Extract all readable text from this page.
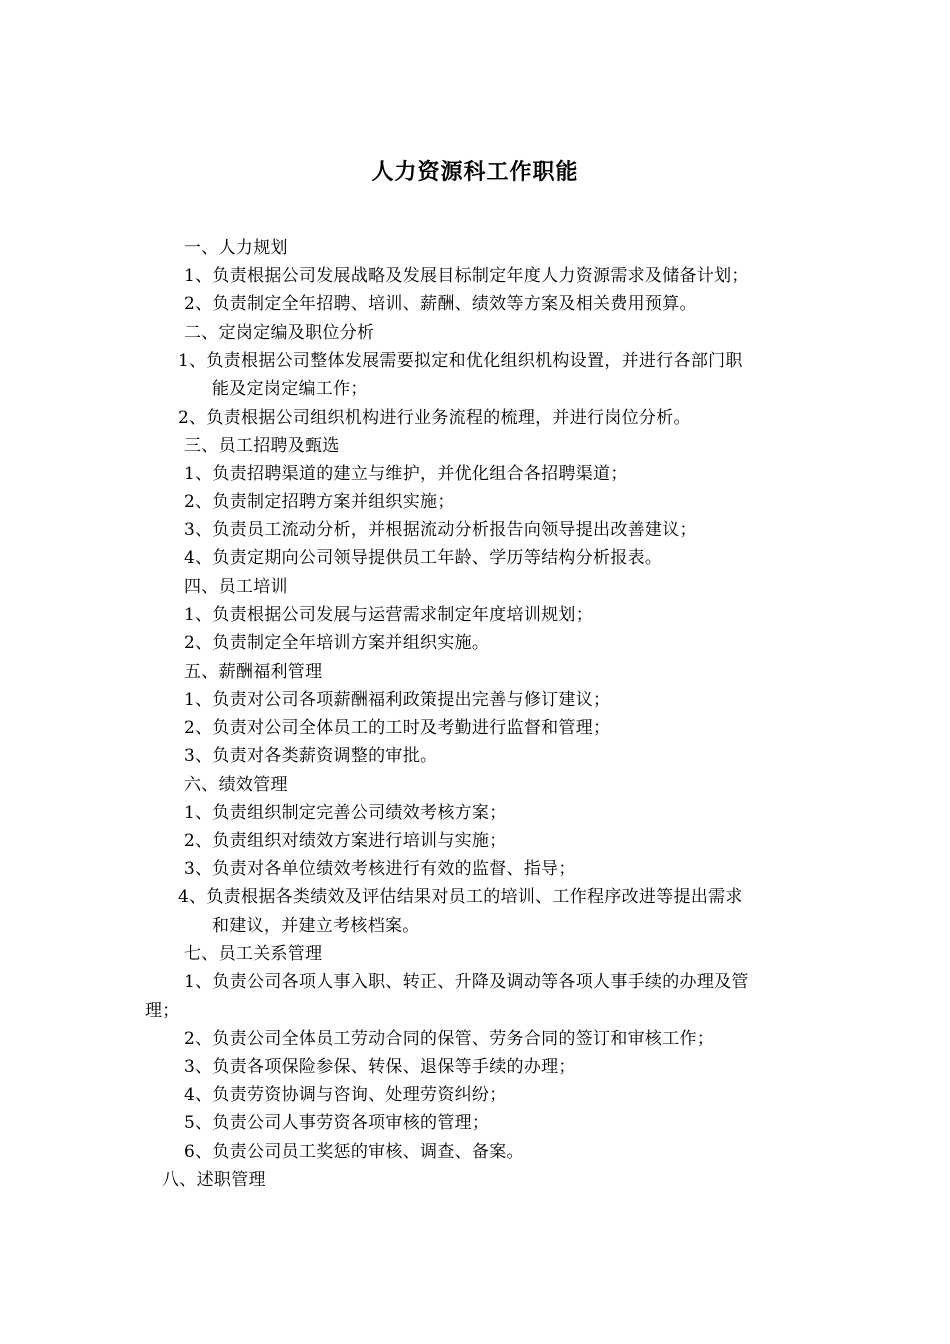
人力资源科工作职能
一、人力规划
1、负责根据公司发展战略及发展目标制定年度人力资源需求及储备计划；
2、负责制定全年招聘、培训、薪酬、绩效等方案及相关费用预算。
二、定岗定编及职位分析
1、负责根据公司整体发展需要拟定和优化组织机构设置，并进行各部门职
能及定岗定编工作；
2、负责根据公司组织机构进行业务流程的梳理，并进行岗位分析。
三、员工招聘及甄选
1、负责招聘渠道的建立与维护，并优化组合各招聘渠道；
2、负责制定招聘方案并组织实施；
3、负责员工流动分析，并根据流动分析报告向领导提出改善建议；
4、负责定期向公司领导提供员工年龄、学历等结构分析报表。
四、员工培训
1、负责根据公司发展与运营需求制定年度培训规划；
2、负责制定全年培训方案并组织实施。
五、薪酬福利管理
1、负责对公司各项薪酬福利政策提出完善与修订建议；
2、负责对公司全体员工的工时及考勤进行监督和管理；
3、负责对各类薪资调整的审批。
六、绩效管理
1、负责组织制定完善公司绩效考核方案；
2、负责组织对绩效方案进行培训与实施；
3、负责对各单位绩效考核进行有效的监督、指导；
4、负责根据各类绩效及评估结果对员工的培训、工作程序改进等提出需求
和建议，并建立考核档案。
七、员工关系管理
1、负责公司各项人事入职、转正、升降及调动等各项人事手续的办理及管
理；
2、负责公司全体员工劳动合同的保管、劳务合同的签订和审核工作；
3、负责各项保险参保、转保、退保等手续的办理；
4、负责劳资协调与咨询、处理劳资纠纷；
5、负责公司人事劳资各项审核的管理；
6、负责公司员工奖惩的审核、调查、备案。
八、述职管理
